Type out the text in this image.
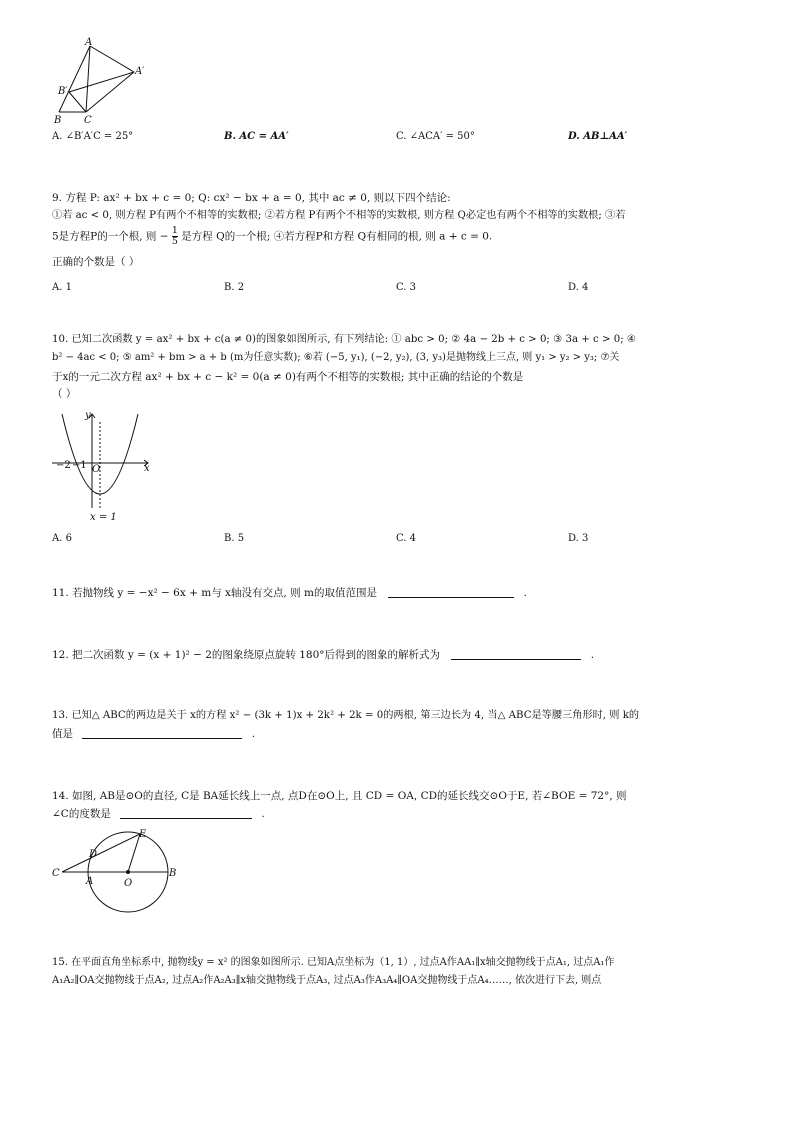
A
A′
B′
B C
A. ∠B′A′C = 25°	B. AC = AA′	C. ∠ACA′ = 50°	D. AB⊥AA′
9. 方程 P: ax² + bx + c = 0; Q: cx² − bx + a = 0, 其中 ac ≠ 0, 则以下四个结论:
①若 ac < 0, 则方程 P有两个不相等的实数根; ②若方程 P有两个不相等的实数根, 则方程 Q必定也有两个不相等的实数根; ③若
5是方程P的一个根, 则 − $\frac{1}{5}$ 是方程 Q的一个根; ④若方程P和方程 Q有相同的根, 则 a + c = 0.
正确的个数是（ ）
A. 1	B. 2	C. 3	D. 4
10. 已知二次函数 y = ax² + bx + c(a ≠ 0)的图象如图所示, 有下列结论: ① abc > 0; ② 4a − 2b + c > 0; ③ 3a + c > 0; ④
b² − 4ac < 0; ⑤ am² + bm > a + b (m为任意实数); ⑥若 (−5, y₁), (−2, y₂), (3, y₃)是抛物线上三点, 则 y₁ > y₂ > y₃; ⑦关
于x的一元二次方程 ax² + bx + c − k² = 0(a ≠ 0)有两个不相等的实数根; 其中正确的结论的个数是
（ ）
y
x
O
x = 1
−2 −1
A. 6	B. 5	C. 4	D. 3
11. 若抛物线 y = −x² − 6x + m与 x轴没有交点, 则 m的取值范围是	.
12. 把二次函数 y = (x + 1)² − 2的图象绕原点旋转 180°后得到的图象的解析式为	.
13. 已知△ ABC的两边是关于 x的方程 x² − (3k + 1)x + 2k² + 2k = 0的两根, 第三边长为 4, 当△ ABC是等腰三角形时, 则 k的
值是	.
14. 如图, AB是⊙O的直径, C是 BA延长线上一点, 点D在⊙O上, 且 CD = OA, CD的延长线交⊙O于E, 若∠BOE = 72°, 则
∠C的度数是	.
E
D
C
A	O
B
15. 在平面直角坐标系中, 抛物线y = x² 的图象如图所示. 已知A点坐标为（1, 1）, 过点A作AA₁∥x轴交抛物线于点A₁, 过点A₁作
A₁A₂∥OA交抛物线于点A₂, 过点A₂作A₂A₃∥x轴交抛物线于点A₃, 过点A₃作A₃A₄∥OA交抛物线于点A₄……, 依次进行下去, 则点
